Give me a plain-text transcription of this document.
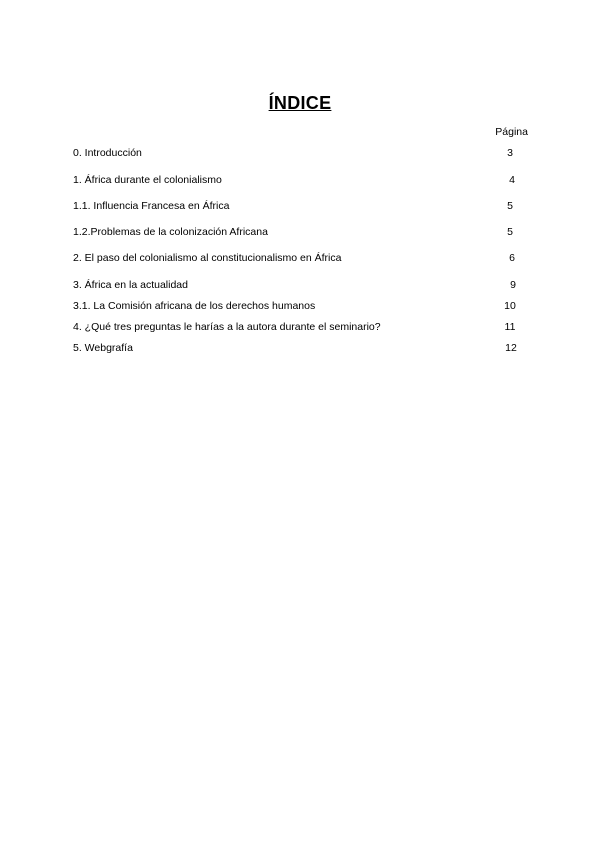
ÍNDICE
Página
0. Introducción	3
1. África durante el colonialismo	4
1.1. Influencia Francesa en África	5
1.2.Problemas de la colonización Africana	5
2. El paso del colonialismo al constitucionalismo en África	6
3. África en la actualidad	9
3.1. La Comisión africana de los derechos humanos	10
4. ¿Qué tres preguntas le harías a la autora durante el seminario?	11
5. Webgrafía	12
